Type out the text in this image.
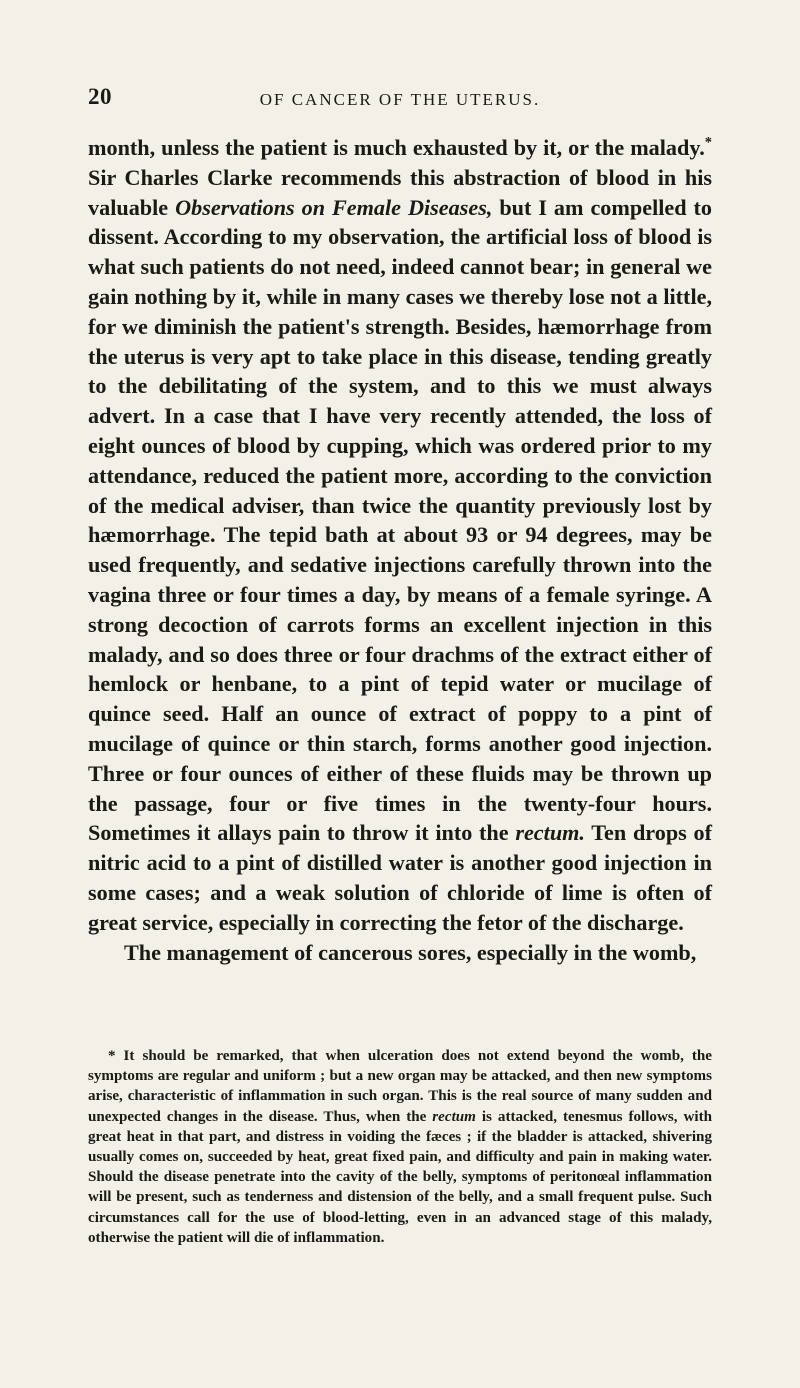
20	OF CANCER OF THE UTERUS.

month, unless the patient is much exhausted by it, or the malady.* Sir Charles Clarke recommends this abstraction of blood in his valuable Observations on Female Diseases, but I am compelled to dissent. According to my observation, the artificial loss of blood is what such patients do not need, indeed cannot bear; in general we gain nothing by it, while in many cases we thereby lose not a little, for we diminish the patient's strength. Besides, hæmorrhage from the uterus is very apt to take place in this disease, tending greatly to the debilitating of the system, and to this we must always advert. In a case that I have very recently attended, the loss of eight ounces of blood by cupping, which was ordered prior to my attendance, reduced the patient more, according to the conviction of the medical adviser, than twice the quantity previously lost by hæmorrhage. The tepid bath at about 93 or 94 degrees, may be used frequently, and sedative injections carefully thrown into the vagina three or four times a day, by means of a female syringe. A strong decoction of carrots forms an excellent injection in this malady, and so does three or four drachms of the extract either of hemlock or henbane, to a pint of tepid water or mucilage of quince seed. Half an ounce of extract of poppy to a pint of mucilage of quince or thin starch, forms another good injection. Three or four ounces of either of these fluids may be thrown up the passage, four or five times in the twenty-four hours. Sometimes it allays pain to throw it into the rectum. Ten drops of nitric acid to a pint of distilled water is another good injection in some cases; and a weak solution of chloride of lime is often of great service, especially in correcting the fetor of the discharge.

The management of cancerous sores, especially in the womb,

* It should be remarked, that when ulceration does not extend beyond the womb, the symptoms are regular and uniform ; but a new organ may be attacked, and then new symptoms arise, characteristic of inflammation in such organ. This is the real source of many sudden and unexpected changes in the disease. Thus, when the rectum is attacked, tenesmus follows, with great heat in that part, and distress in voiding the fæces ; if the bladder is attacked, shivering usually comes on, succeeded by heat, great fixed pain, and difficulty and pain in making water. Should the disease penetrate into the cavity of the belly, symptoms of peritonœal inflammation will be present, such as tenderness and distension of the belly, and a small frequent pulse. Such circumstances call for the use of blood-letting, even in an advanced stage of this malady, otherwise the patient will die of inflammation.
